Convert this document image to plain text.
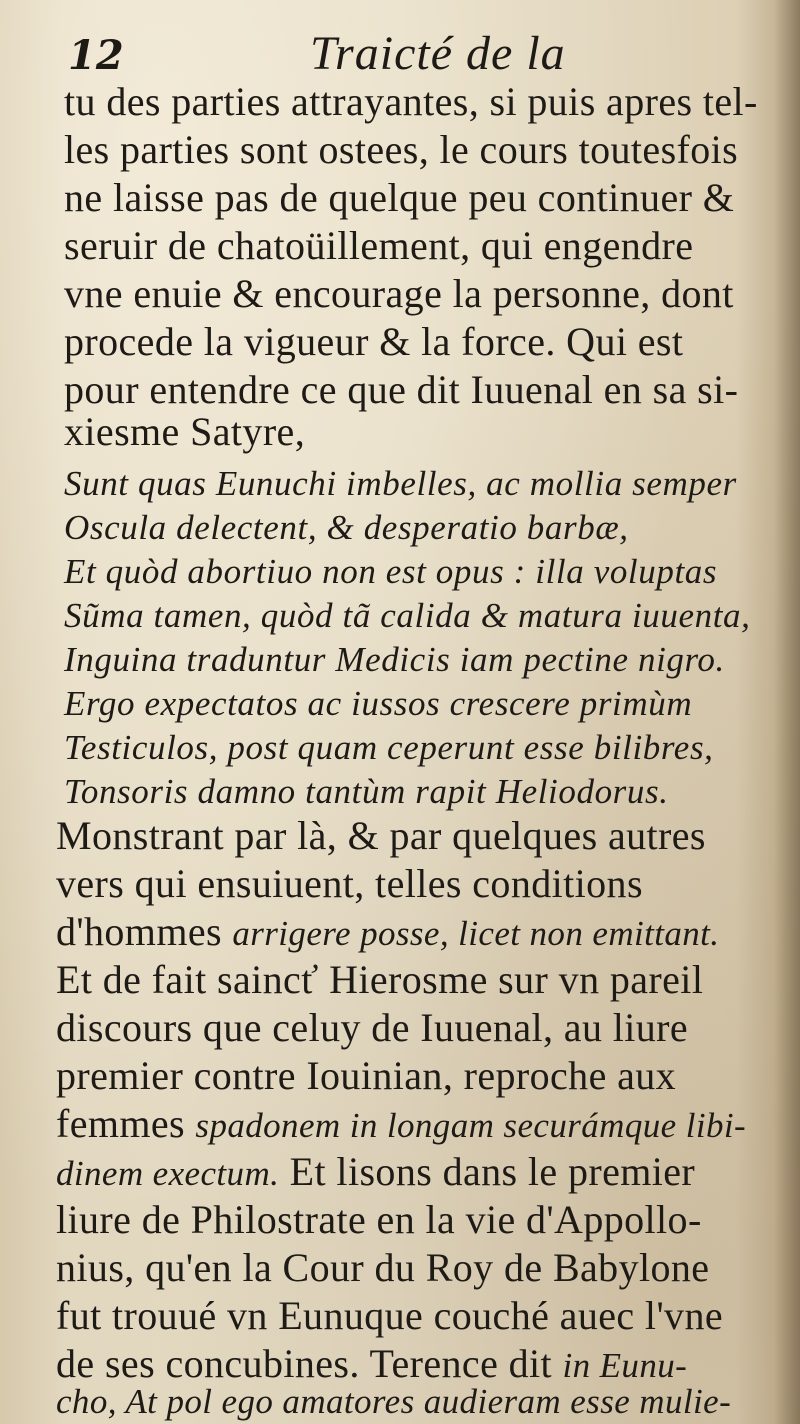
12	Traicté de la
tu des parties attrayantes, si puis apres tel-
les parties sont ostees, le cours toutesfois
ne laisse pas de quelque peu continuer &
seruir de chatoüillement, qui engendre
vne enuie & encourage la personne, dont
procede la vigueur & la force. Qui est
pour entendre ce que dit Iuuenal en sa si-
xiesme Satyre,
Sunt quas Eunuchi imbelles, ac mollia semper
Oscula delectent, & desperatio barbæ,
Et quòd abortiuo non est opus : illa voluptas
Sũma tamen, quòd tã calida & matura iuuenta,
Inguina traduntur Medicis iam pectine nigro.
Ergo expectatos ac iussos crescere primùm
Testiculos, post quam ceperunt esse bilibres,
Tonsoris damno tantùm rapit Heliodorus.
Monstrant par là, & par quelques autres
vers qui ensuiuent, telles conditions
d'hommes arrigere posse, licet non emittant.
Et de fait saincť Hierosme sur vn pareil
discours que celuy de Iuuenal, au liure
premier contre Iouinian, reproche aux
femmes spadonem in longam securámque libi-
dinem exectum. Et lisons dans le premier
liure de Philostrate en la vie d'Appollo-
nius, qu'en la Cour du Roy de Babylone
fut trouué vn Eunuque couché auec l'vne
de ses concubines. Terence dit in Eunu-
cho, At pol ego amatores audieram esse mulie-
